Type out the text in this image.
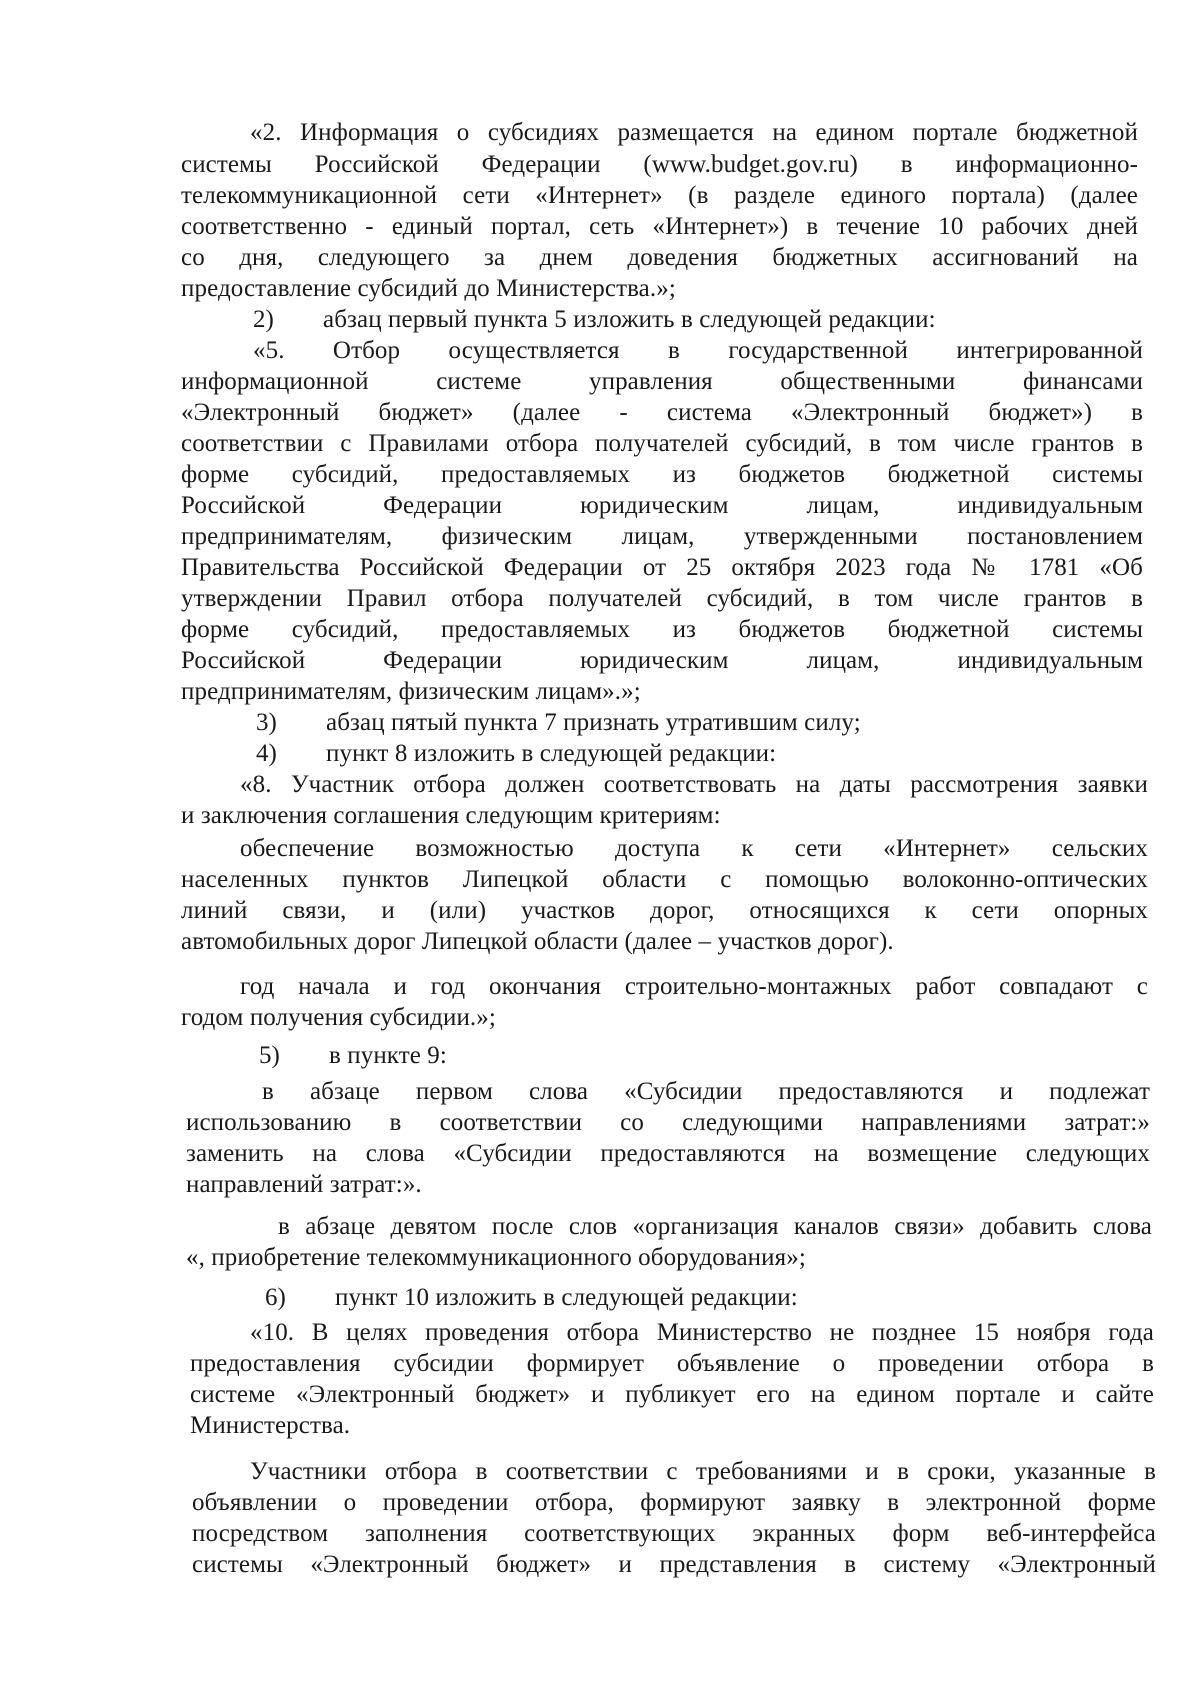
«2. Информация о субсидиях размещается на едином портале бюджетной
системы Российской Федерации (www.budget.gov.ru) в информационно-
телекоммуникационной сети «Интернет» (в разделе единого портала) (далее
соответственно - единый портал, сеть «Интернет») в течение 10 рабочих дней
со дня, следующего за днем доведения бюджетных ассигнований на
предоставление субсидий до Министерства.»;
2) абзац первый пункта 5 изложить в следующей редакции:
«5. Отбор осуществляется в государственной интегрированной
информационной системе управления общественными финансами
«Электронный бюджет» (далее - система «Электронный бюджет») в
соответствии с Правилами отбора получателей субсидий, в том числе грантов в
форме субсидий, предоставляемых из бюджетов бюджетной системы
Российской Федерации юридическим лицам, индивидуальным
предпринимателям, физическим лицам, утвержденными постановлением
Правительства Российской Федерации от 25 октября 2023 года № 1781 «Об
утверждении Правил отбора получателей субсидий, в том числе грантов в
форме субсидий, предоставляемых из бюджетов бюджетной системы
Российской Федерации юридическим лицам, индивидуальным
предпринимателям, физическим лицам».»;
3) абзац пятый пункта 7 признать утратившим силу;
4) пункт 8 изложить в следующей редакции:
«8. Участник отбора должен соответствовать на даты рассмотрения заявки
и заключения соглашения следующим критериям:
обеспечение возможностью доступа к сети «Интернет» сельских
населенных пунктов Липецкой области с помощью волоконно-оптических
линий связи, и (или) участков дорог, относящихся к сети опорных
автомобильных дорог Липецкой области (далее – участков дорог).
год начала и год окончания строительно-монтажных работ совпадают с
годом получения субсидии.»;
5) в пункте 9:
в абзаце первом слова «Субсидии предоставляются и подлежат
использованию в соответствии со следующими направлениями затрат:»
заменить на слова «Субсидии предоставляются на возмещение следующих
направлений затрат:».
в абзаце девятом после слов «организация каналов связи» добавить слова
«, приобретение телекоммуникационного оборудования»;
6) пункт 10 изложить в следующей редакции:
«10. В целях проведения отбора Министерство не позднее 15 ноября года
предоставления субсидии формирует объявление о проведении отбора в
системе «Электронный бюджет» и публикует его на едином портале и сайте
Министерства.
Участники отбора в соответствии с требованиями и в сроки, указанные в
объявлении о проведении отбора, формируют заявку в электронной форме
посредством заполнения соответствующих экранных форм веб-интерфейса
системы «Электронный бюджет» и представления в систему «Электронный
